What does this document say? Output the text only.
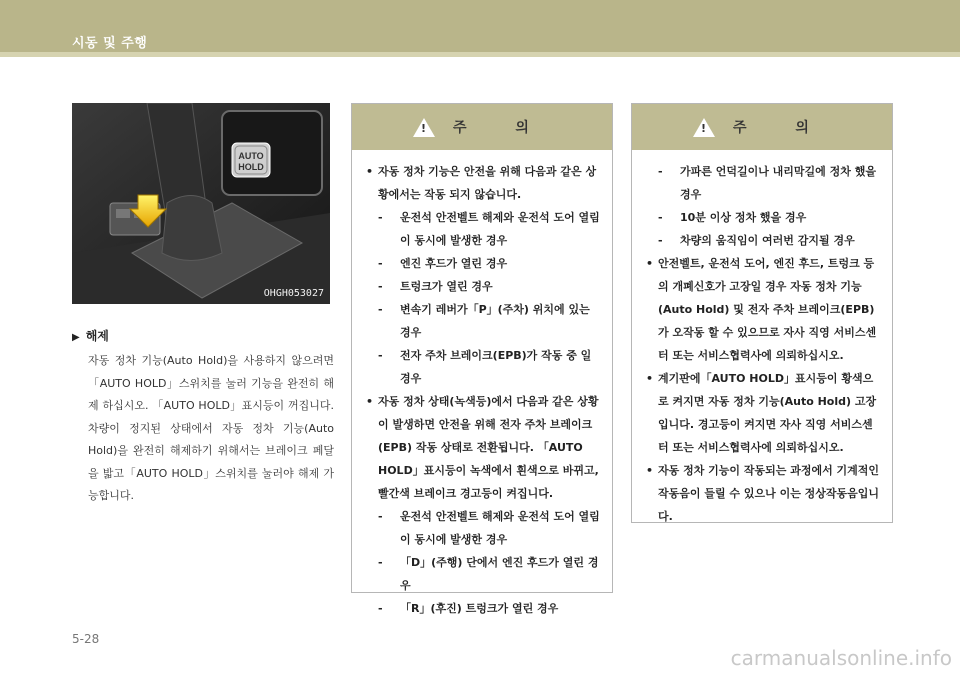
시동 및 주행
AUTO
HOLD
OHGH053027
▶ 해제
자동 정차 기능(Auto Hold)을 사용하지 않으려면「AUTO HOLD」스위치를 눌러 기능을 완전히 해제 하십시오. 「AUTO HOLD」표시등이 꺼집니다. 차량이 정지된 상태에서 자동 정차 기능(Auto Hold)을 완전히 해제하기 위해서는 브레이크 페달을 밟고「AUTO HOLD」스위치를 눌러야 해제 가능합니다.
! 주 의
• 자동 정차 기능은 안전을 위해 다음과 같은 상황에서는 작동 되지 않습니다.
- 운전석 안전벨트 해제와 운전석 도어 열림이 동시에 발생한 경우
- 엔진 후드가 열린 경우
- 트렁크가 열린 경우
- 변속기 레버가「P」(주차) 위치에 있는 경우
- 전자 주차 브레이크(EPB)가 작동 중 일 경우
• 자동 정차 상태(녹색등)에서 다음과 같은 상황이 발생하면 안전을 위해 전자 주차 브레이크(EPB) 작동 상태로 전환됩니다. 「AUTO HOLD」표시등이 녹색에서 흰색으로 바뀌고, 빨간색 브레이크 경고등이 켜집니다.
- 운전석 안전벨트 해제와 운전석 도어 열림이 동시에 발생한 경우
- 「D」(주행) 단에서 엔진 후드가 열린 경우
- 「R」(후진) 트렁크가 열린 경우
! 주 의
- 가파른 언덕길이나 내리막길에 정차 했을 경우
- 10분 이상 정차 했을 경우
- 차량의 움직임이 여러번 감지될 경우
• 안전벨트, 운전석 도어, 엔진 후드, 트렁크 등의 개폐신호가 고장일 경우 자동 정차 기능(Auto Hold) 및 전자 주차 브레이크(EPB)가 오작동 할 수 있으므로 자사 직영 서비스센터 또는 서비스협력사에 의뢰하십시오.
• 계기판에「AUTO HOLD」표시등이 황색으로 켜지면 자동 정차 기능(Auto Hold) 고장입니다. 경고등이 켜지면 자사 직영 서비스센터 또는 서비스협력사에 의뢰하십시오.
• 자동 정차 기능이 작동되는 과정에서 기계적인 작동음이 들릴 수 있으나 이는 정상작동음입니다.
5-28
carmanualsonline.info
